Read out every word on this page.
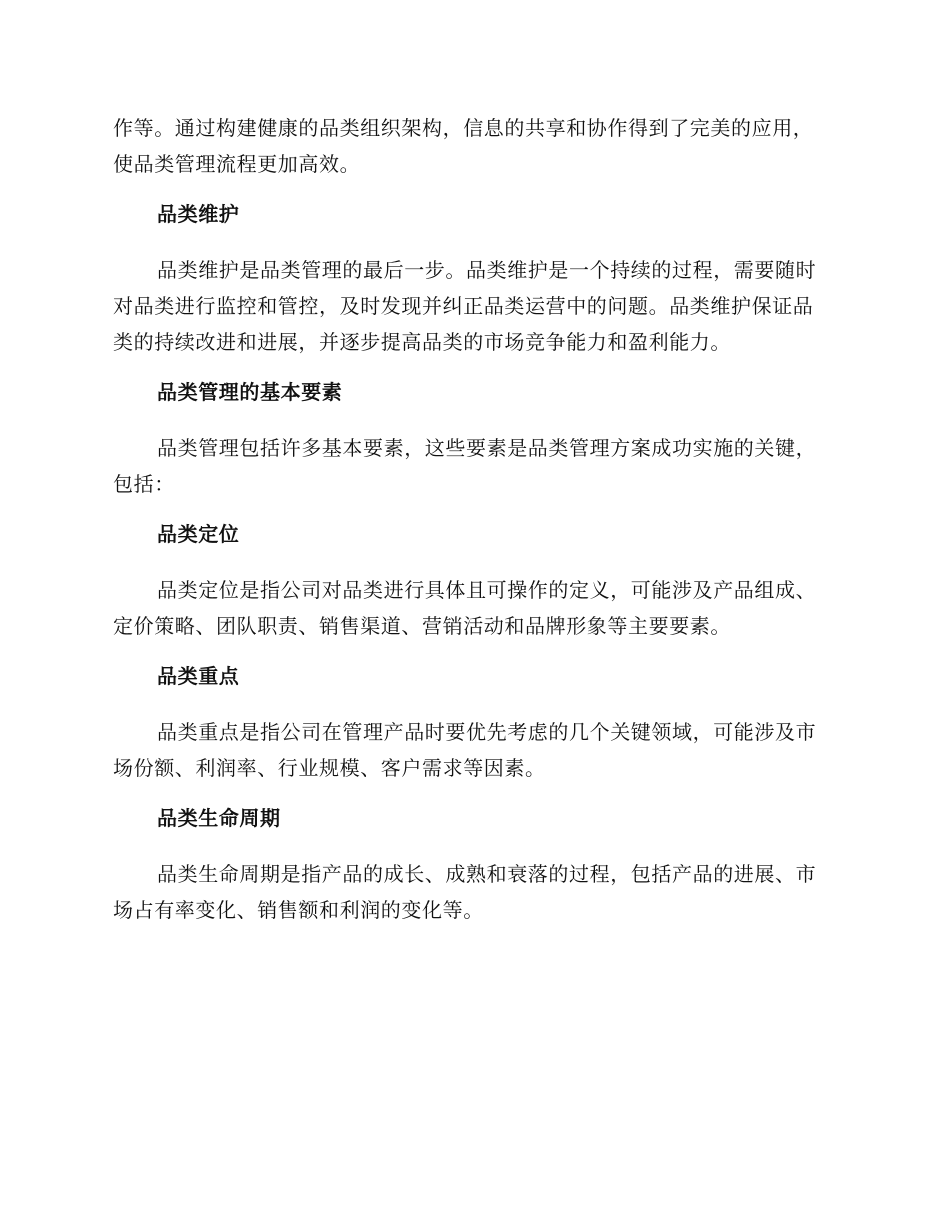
作等。通过构建健康的品类组织架构，信息的共享和协作得到了完美的应用，使品类管理流程更加高效。

品类维护

品类维护是品类管理的最后一步。品类维护是一个持续的过程，需要随时对品类进行监控和管控，及时发现并纠正品类运营中的问题。品类维护保证品类的持续改进和进展，并逐步提高品类的市场竞争能力和盈利能力。

品类管理的基本要素

品类管理包括许多基本要素，这些要素是品类管理方案成功实施的关键，包括：

品类定位

品类定位是指公司对品类进行具体且可操作的定义，可能涉及产品组成、定价策略、团队职责、销售渠道、营销活动和品牌形象等主要要素。

品类重点

品类重点是指公司在管理产品时要优先考虑的几个关键领域，可能涉及市场份额、利润率、行业规模、客户需求等因素。

品类生命周期

品类生命周期是指产品的成长、成熟和衰落的过程，包括产品的进展、市场占有率变化、销售额和利润的变化等。
